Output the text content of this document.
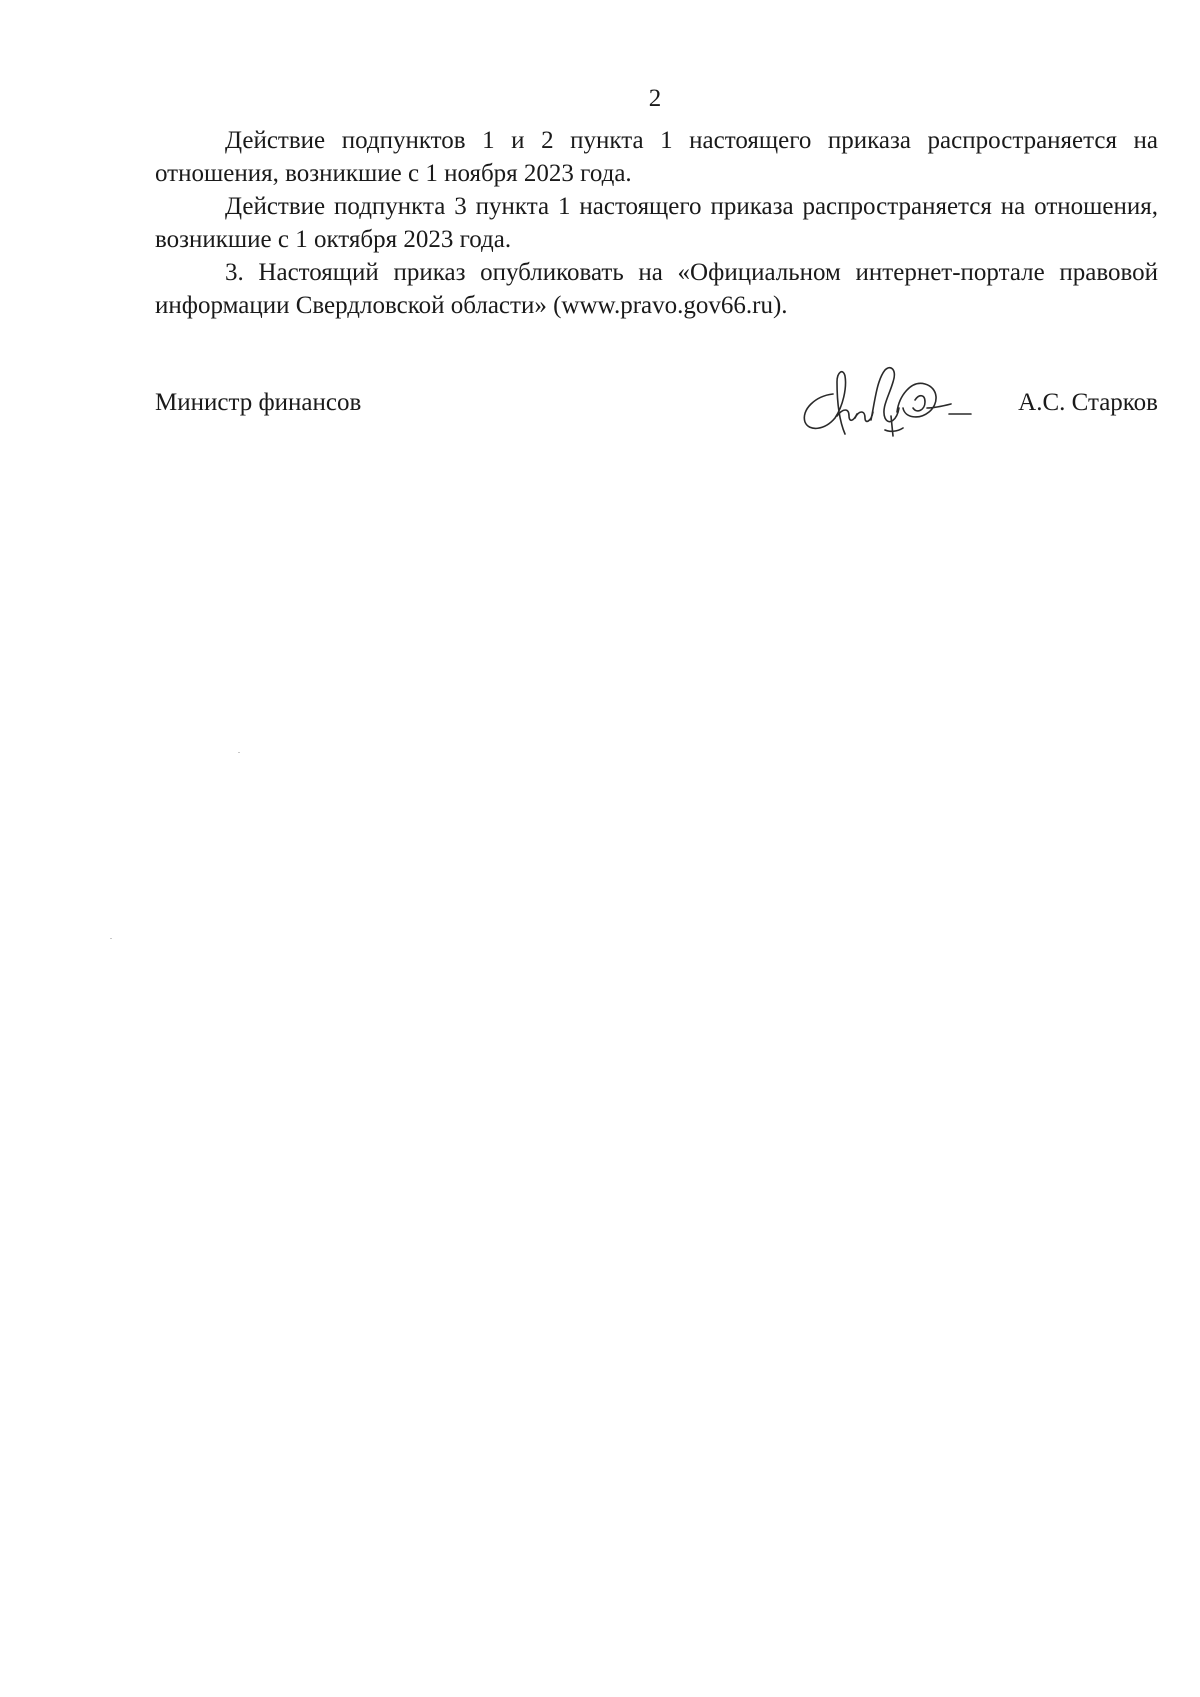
2

Действие подпунктов 1 и 2 пункта 1 настоящего приказа распространяется на отношения, возникшие с 1 ноября 2023 года.

Действие подпункта 3 пункта 1 настоящего приказа распространяется на отношения, возникшие с 1 октября 2023 года.

3. Настоящий приказ опубликовать на «Официальном интернет-портале правовой информации Свердловской области» (www.pravo.gov66.ru).

Министр финансов	А.С. Старков
